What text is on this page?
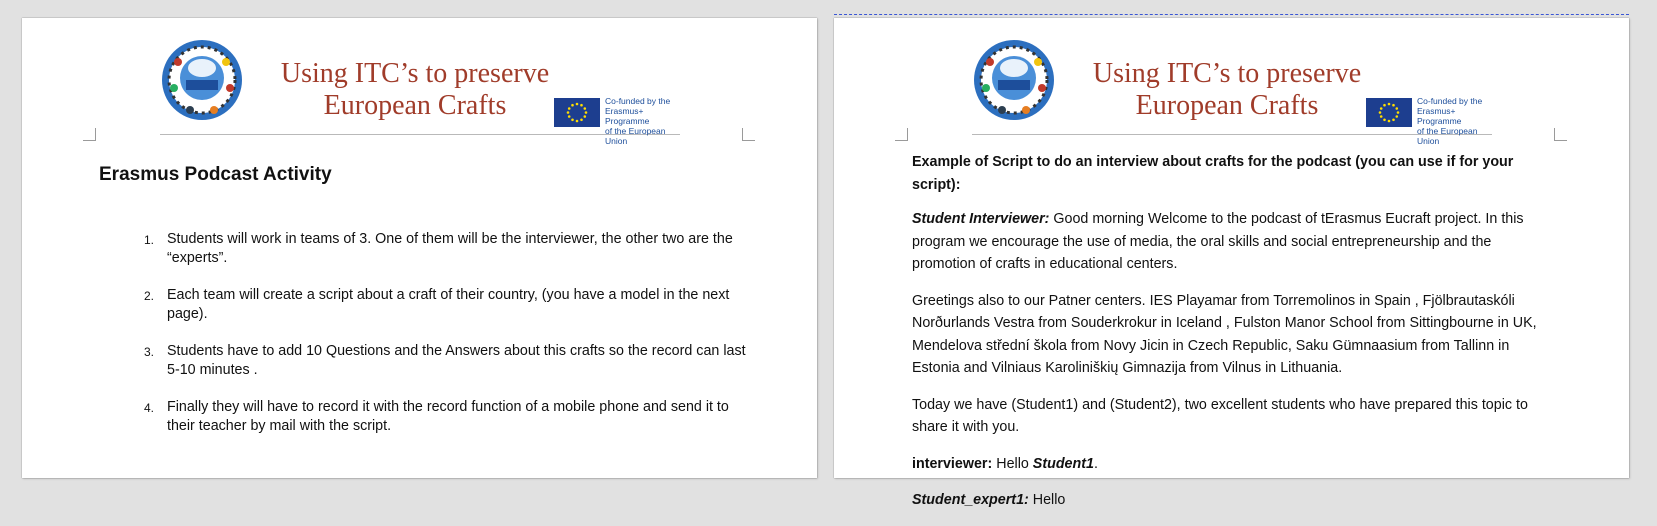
Using ITC’s to preserve
European Crafts	Co-funded by the
Erasmus+ Programme
of the European Union
Erasmus Podcast Activity
1. Students will work in teams of 3. One of them will be the interviewer, the other two are the “experts”.
2. Each team will create a script about a craft of their country, (you have a model in the next page).
3. Students have to add 10 Questions and the Answers about this crafts so the record can last 5-10 minutes .
4. Finally they will have to record it with the record function of a mobile phone and send it to their teacher by mail with the script.
Using ITC’s to preserve
European Crafts	Co-funded by the
Erasmus+ Programme
of the European Union

Example of Script to do an interview about crafts for the podcast (you can use if for your script):

Student Interviewer: Good morning Welcome to the podcast of tErasmus Eucraft project. In this program we encourage the use of media, the oral skills and social entrepreneurship and the promotion of crafts in educational centers.

Greetings also to our Patner centers. IES Playamar from Torremolinos in Spain , Fjölbrautaskóli Norðurlands Vestra from Souderkrokur in Iceland , Fulston Manor School from Sittingbourne in UK, Mendelova střední škola from Novy Jicin in Czech Republic, Saku Gümnaasium from Tallinn in Estonia and Vilniaus Karoliniškių Gimnazija from Vilnus in Lithuania.

Today we have (Student1) and (Student2), two excellent students who have prepared this topic to share it with you.

interviewer: Hello Student1.

Student_expert1: Hello
